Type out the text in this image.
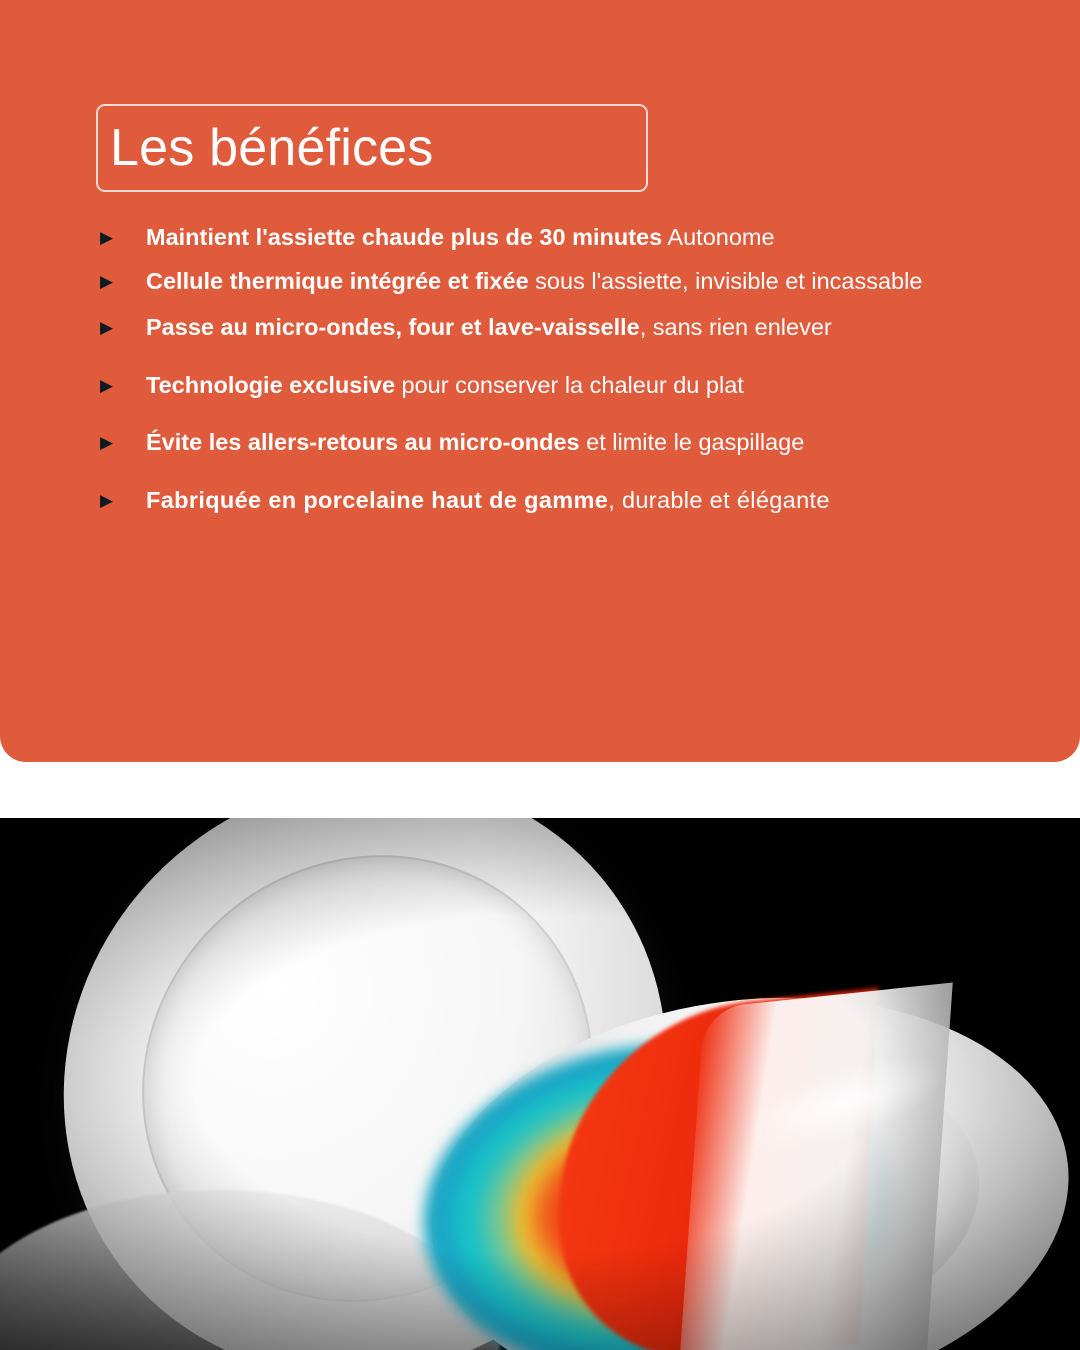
Les bénéfices
▶	Maintient l'assiette chaude plus de 30 minutes Autonome
▶	Cellule thermique intégrée et fixée sous l'assiette, invisible et incassable
▶	Passe au micro-ondes, four et lave-vaisselle, sans rien enlever
▶	Technologie exclusive pour conserver la chaleur du plat
▶	Évite les allers-retours au micro-ondes et limite le gaspillage
▶	Fabriquée en porcelaine haut de gamme, durable et élégante
